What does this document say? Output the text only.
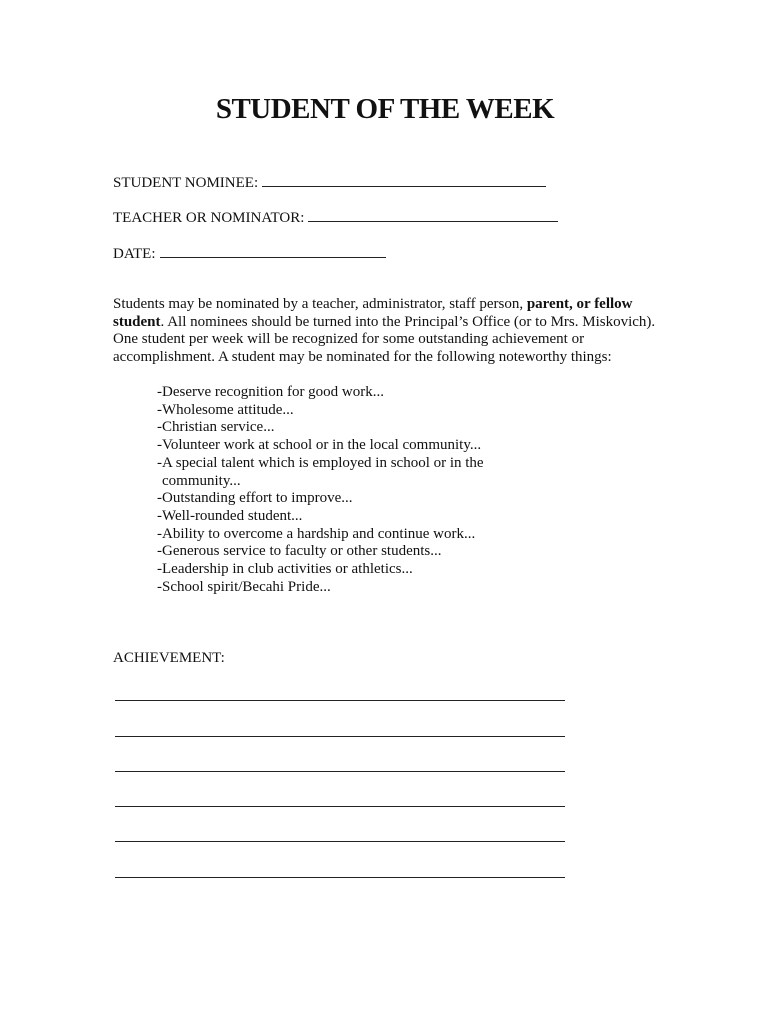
STUDENT OF THE WEEK

STUDENT NOMINEE:

TEACHER OR NOMINATOR:

DATE:

Students may be nominated by a teacher, administrator, staff person, parent, or fellow student. All nominees should be turned into the Principal’s Office (or to Mrs. Miskovich). One student per week will be recognized for some outstanding achievement or accomplishment. A student may be nominated for the following noteworthy things:

-Deserve recognition for good work...
-Wholesome attitude...
-Christian service...
-Volunteer work at school or in the local community...
-A special talent which is employed in school or in the
community...
-Outstanding effort to improve...
-Well-rounded student...
-Ability to overcome a hardship and continue work...
-Generous service to faculty or other students...
-Leadership in club activities or athletics...
-School spirit/Becahi Pride...

ACHIEVEMENT:
